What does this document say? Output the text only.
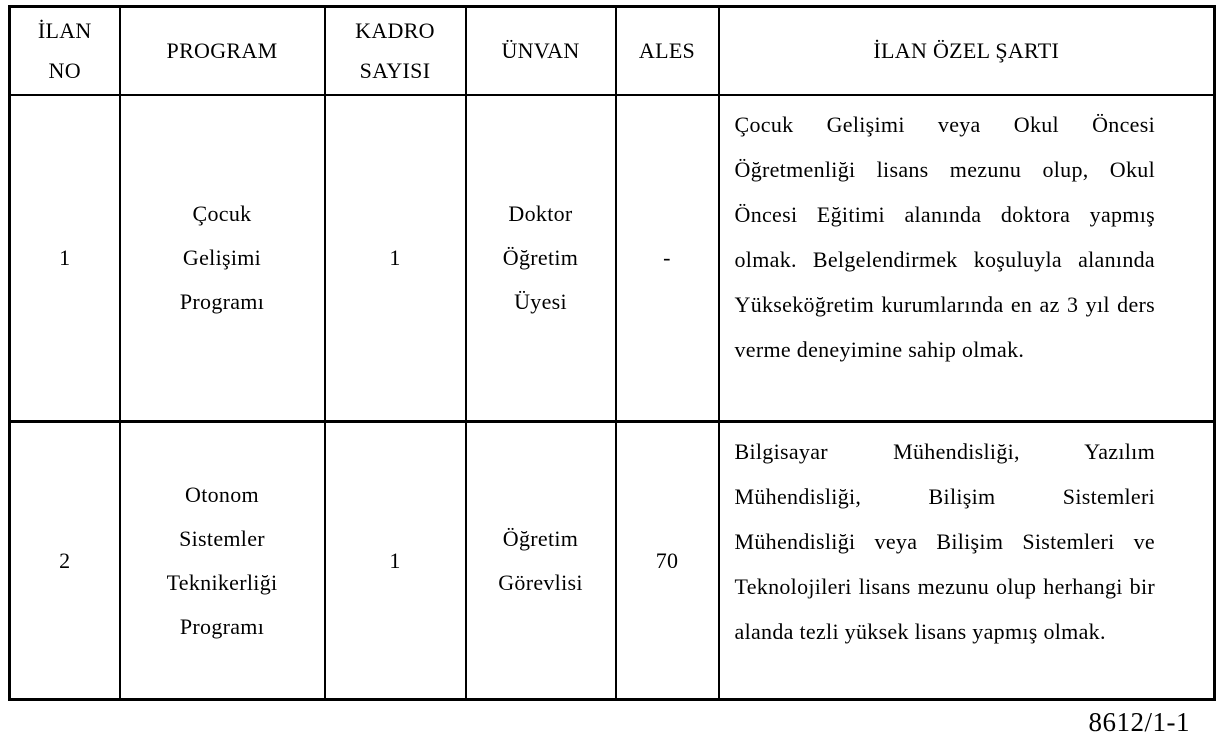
İLAN NO	PROGRAM	KADRO SAYISI	ÜNVAN	ALES	İLAN ÖZEL ŞARTI
1	Çocuk Gelişimi Programı	1	Doktor Öğretim Üyesi	-	Çocuk Gelişimi veya Okul Öncesi Öğretmenliği lisans mezunu olup, Okul Öncesi Eğitimi alanında doktora yapmış olmak. Belgelendirmek koşuluyla alanında Yükseköğretim kurumlarında en az 3 yıl ders verme deneyimine sahip olmak.

2	Otonom Sistemler Teknikerliği Programı	1	Öğretim Görevlisi	70	Bilgisayar Mühendisliği, Yazılım Mühendisliği, Bilişim Sistemleri Mühendisliği veya Bilişim Sistemleri ve Teknolojileri lisans mezunu olup herhangi bir alanda tezli yüksek lisans yapmış olmak.
8612/1-1
